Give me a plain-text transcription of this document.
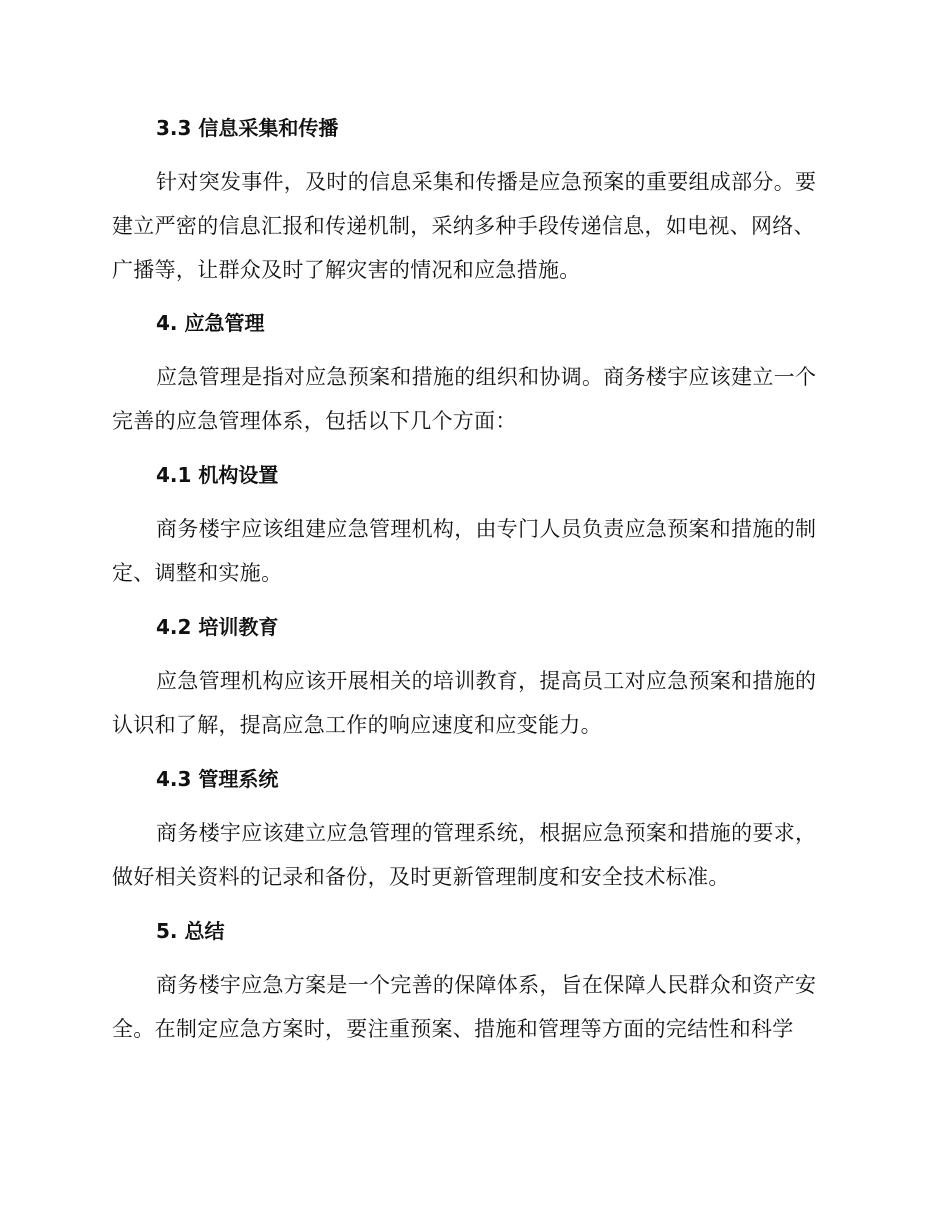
3.3 信息采集和传播
针对突发事件，及时的信息采集和传播是应急预案的重要组成部分。要建立严密的信息汇报和传递机制，采纳多种手段传递信息，如电视、网络、广播等，让群众及时了解灾害的情况和应急措施。
4. 应急管理
应急管理是指对应急预案和措施的组织和协调。商务楼宇应该建立一个完善的应急管理体系，包括以下几个方面：
4.1 机构设置
商务楼宇应该组建应急管理机构，由专门人员负责应急预案和措施的制定、调整和实施。
4.2 培训教育
应急管理机构应该开展相关的培训教育，提高员工对应急预案和措施的认识和了解，提高应急工作的响应速度和应变能力。
4.3 管理系统
商务楼宇应该建立应急管理的管理系统，根据应急预案和措施的要求，做好相关资料的记录和备份，及时更新管理制度和安全技术标准。
5. 总结
商务楼宇应急方案是一个完善的保障体系，旨在保障人民群众和资产安全。在制定应急方案时，要注重预案、措施和管理等方面的完结性和科学
